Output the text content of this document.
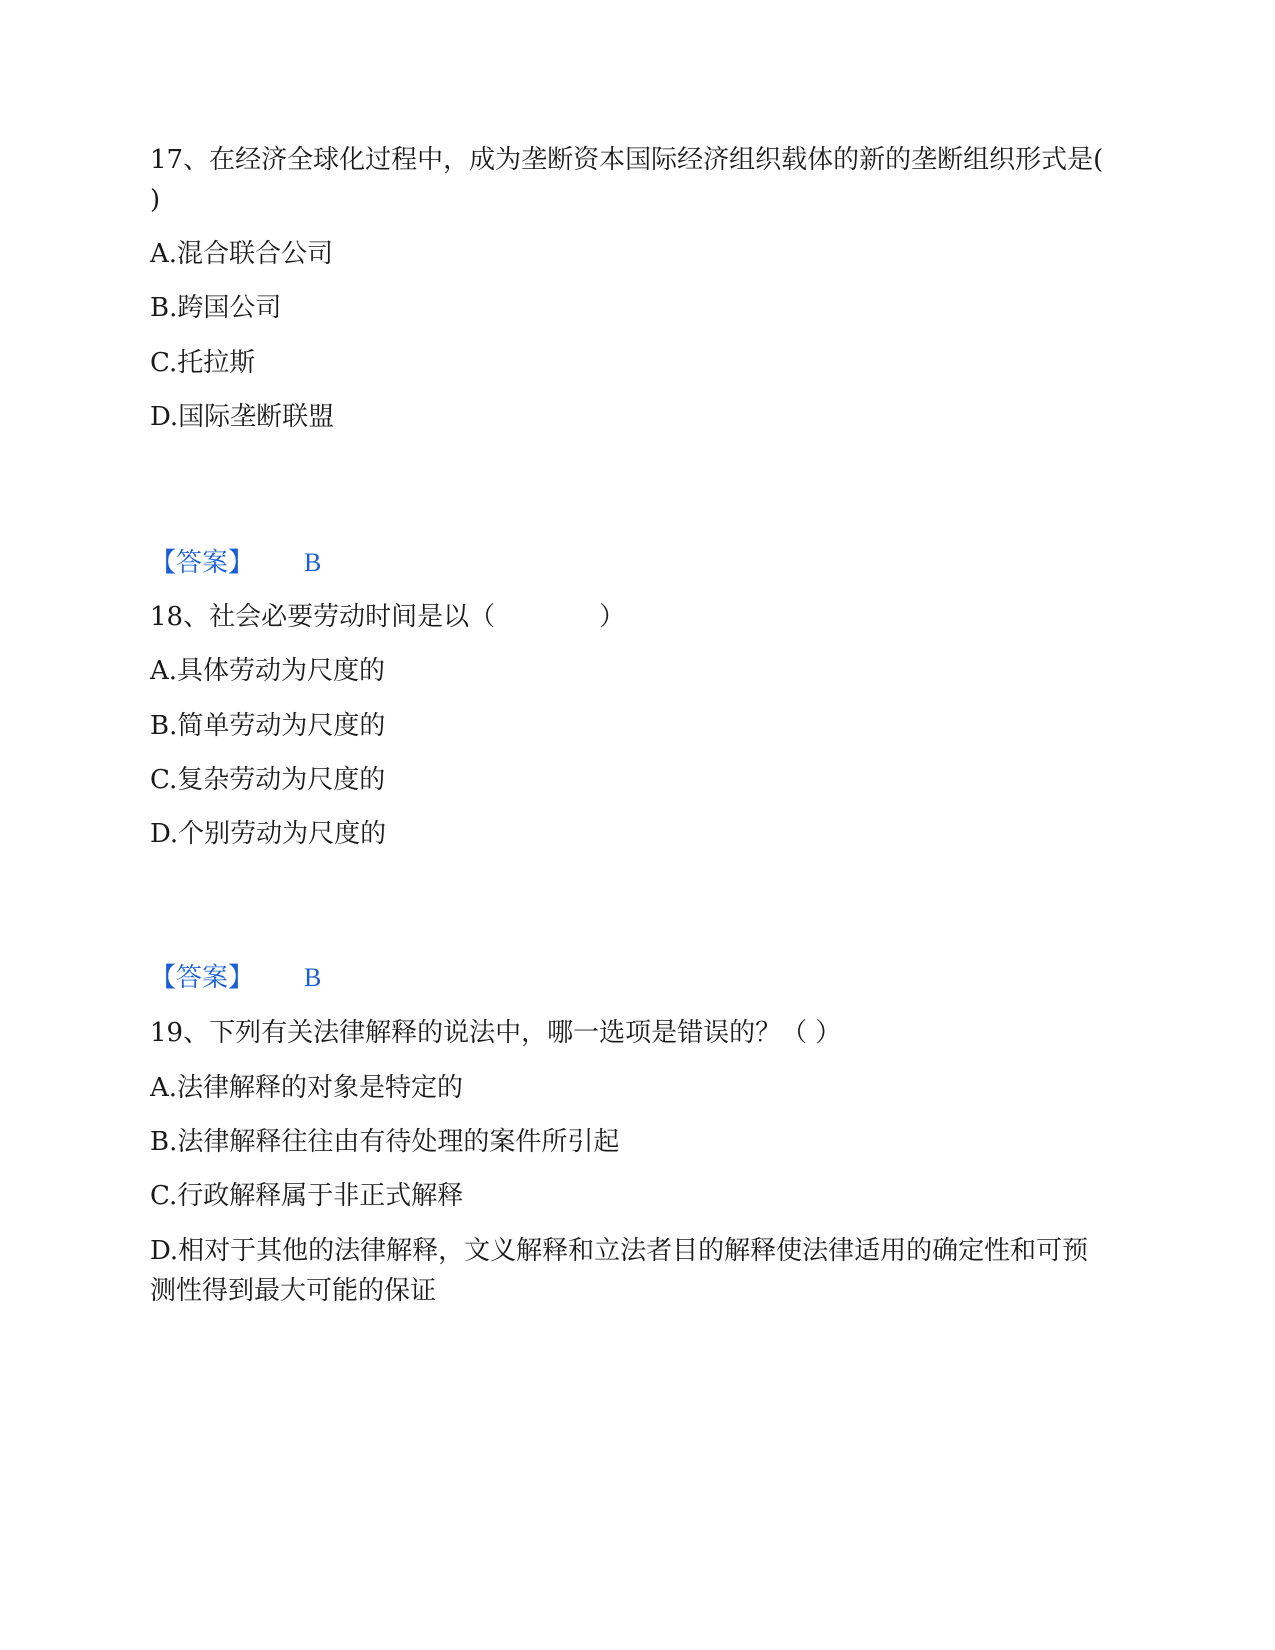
17、在经济全球化过程中，成为垄断资本国际经济组织载体的新的垄断组织形式是(　　　)

A.混合联合公司

B.跨国公司

C.托拉斯

D.国际垄断联盟

【答案】 B

18、社会必要劳动时间是以（　　　　）

A.具体劳动为尺度的

B.简单劳动为尺度的

C.复杂劳动为尺度的

D.个别劳动为尺度的

【答案】 B

19、下列有关法律解释的说法中，哪一选项是错误的？（ ）

A.法律解释的对象是特定的

B.法律解释往往由有待处理的案件所引起

C.行政解释属于非正式解释

D.相对于其他的法律解释，文义解释和立法者目的解释使法律适用的确定性和可预测性得到最大可能的保证
